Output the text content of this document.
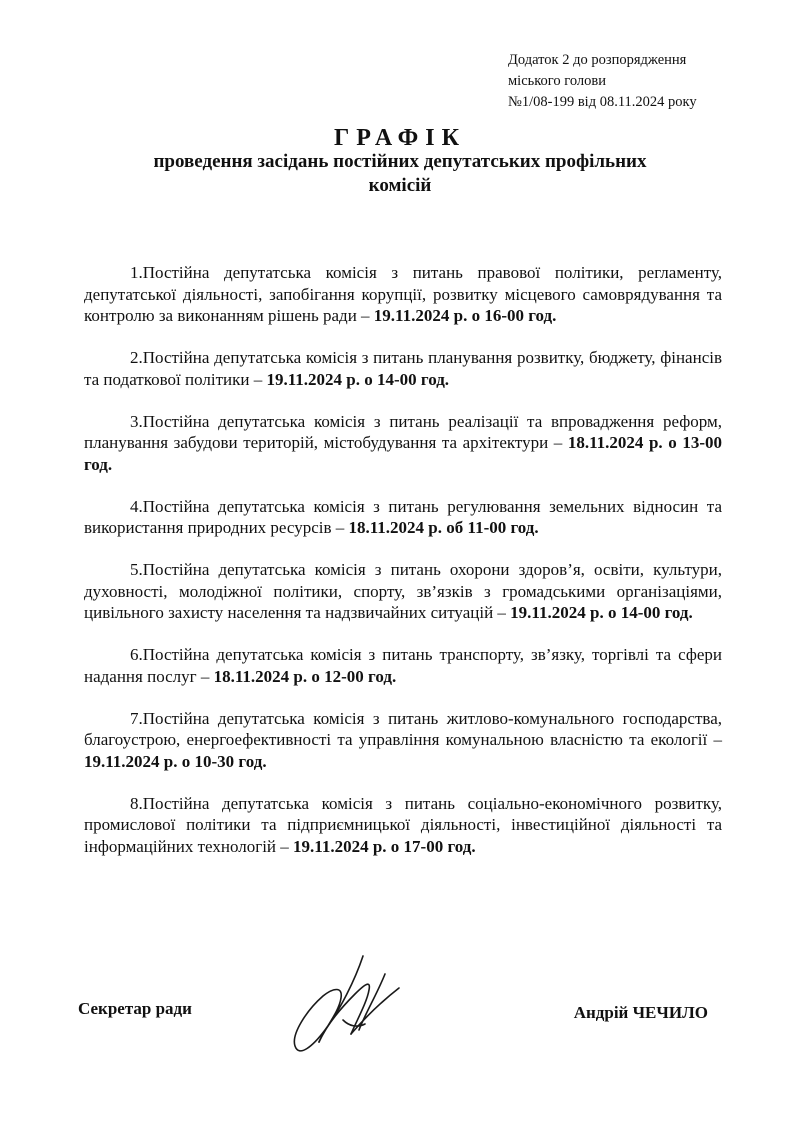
Додаток 2 до розпорядження
міського голови
№1/08-199 від 08.11.2024 року
ГРАФІК
проведення засідань постійних депутатських профільних комісій

1.Постійна депутатська комісія з питань правової політики, регламенту, депутатської діяльності, запобігання корупції, розвитку місцевого самоврядування та контролю за виконанням рішень ради – 19.11.2024 р. о 16-00 год.

2.Постійна депутатська комісія з питань планування розвитку, бюджету, фінансів та податкової політики – 19.11.2024 р. о 14-00 год.

3.Постійна депутатська комісія з питань реалізації та впровадження реформ, планування забудови територій, містобудування та архітектури – 18.11.2024 р. о 13-00 год.

4.Постійна депутатська комісія з питань регулювання земельних відносин та використання природних ресурсів – 18.11.2024 р. об 11-00 год.

5.Постійна депутатська комісія з питань охорони здоров’я, освіти, культури, духовності, молодіжної політики, спорту, зв’язків з громадськими організаціями, цивільного захисту населення та надзвичайних ситуацій – 19.11.2024 р. о 14-00 год.

6.Постійна депутатська комісія з питань транспорту, зв’язку, торгівлі та сфери надання послуг – 18.11.2024 р. о 12-00 год.

7.Постійна депутатська комісія з питань житлово-комунального господарства, благоустрою, енергоефективності та управління комунальною власністю та екології – 19.11.2024 р. о 10-30 год.

8.Постійна депутатська комісія з питань соціально-економічного розвитку, промислової політики та підприємницької діяльності, інвестиційної діяльності та інформаційних технологій – 19.11.2024 р. о 17-00 год.

Секретар ради	Андрій ЧЕЧИЛО
